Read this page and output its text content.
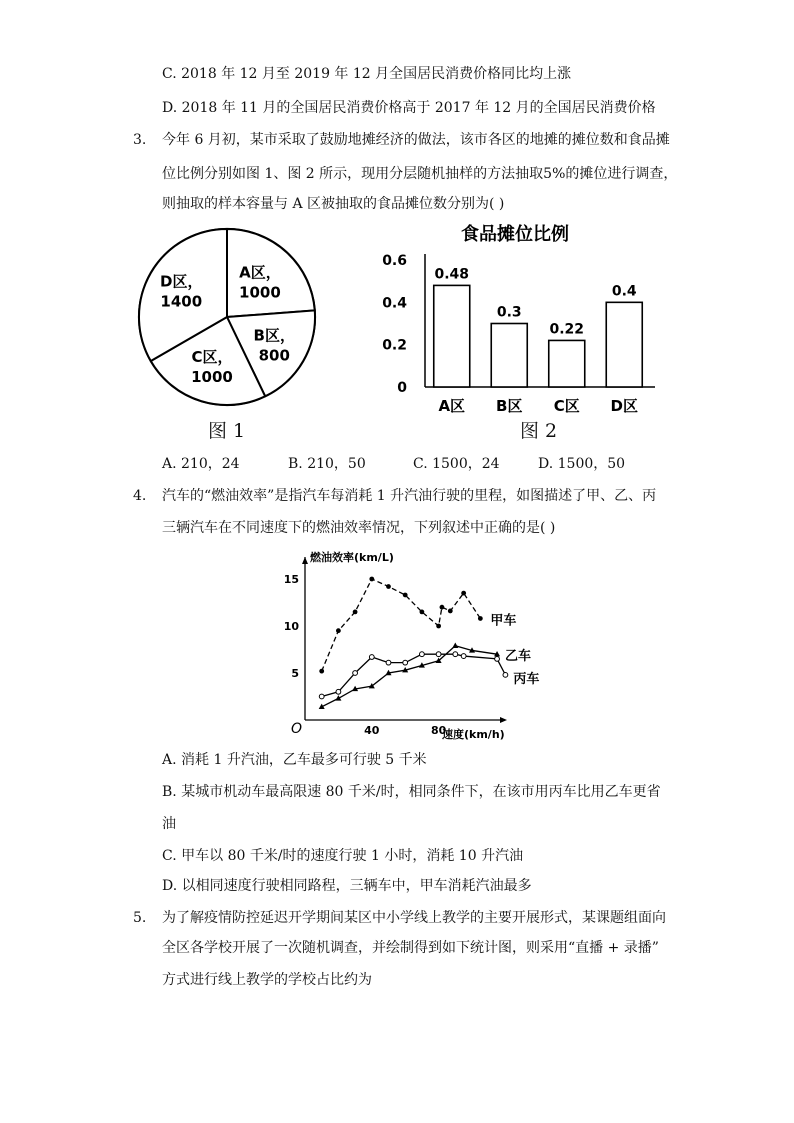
C. 2018 年 12 月至 2019 年 12 月全国居民消费价格同比均上涨
D. 2018 年 11 月的全国居民消费价格高于 2017 年 12 月的全国居民消费价格
3. 今年 6 月初，某市采取了鼓励地摊经济的做法，该市各区的地摊的摊位数和食品摊
位比例分别如图 1、图 2 所示，现用分层随机抽样的方法抽取5%的摊位进行调查，
则抽取的样本容量与 A 区被抽取的食品摊位数分别为( )
A区，
1000
B区，
800
C区，
1000
D区，
1400
图 1
食品摊位比例
0
0.2
0.4
0.6
0.48
A区
0.3
B区
0.22
C区
0.4
D区
图 2
A. 210，24	B. 210，50	C. 1500，24	D. 1500，50
4. 汽车的“燃油效率”是指汽车每消耗 1 升汽油行驶的里程，如图描述了甲、乙、丙
三辆汽车在不同速度下的燃油效率情况，下列叙述中正确的是( )
燃油效率(km/L)
速度(km/h)
O	40	80
5
10
15
甲车
乙车
丙车
A. 消耗 1 升汽油，乙车最多可行驶 5 千米
B. 某城市机动车最高限速 80 千米/时，相同条件下，在该市用丙车比用乙车更省
油
C. 甲车以 80 千米/时的速度行驶 1 小时，消耗 10 升汽油
D. 以相同速度行驶相同路程，三辆车中，甲车消耗汽油最多
5. 为了解疫情防控延迟开学期间某区中小学线上教学的主要开展形式，某课题组面向
全区各学校开展了一次随机调查，并绘制得到如下统计图，则采用“直播 + 录播”
方式进行线上教学的学校占比约为
